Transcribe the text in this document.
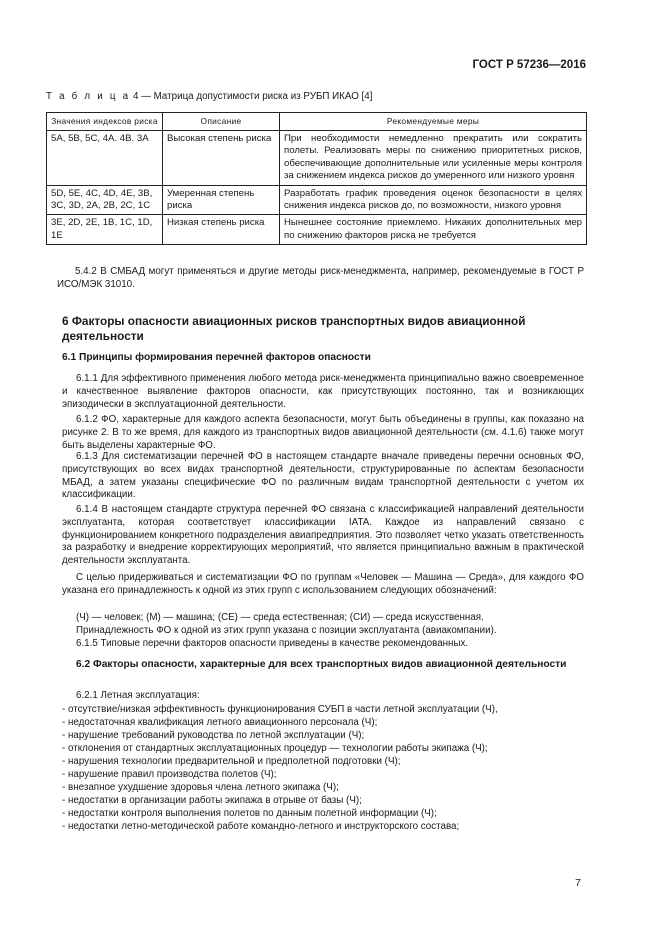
ГОСТ Р 57236—2016
Т а б л и ц а 4 — Матрица допустимости риска из РУБП ИКАО [4]
Значения индексов риска	Описание	Рекомендуемые меры
5А, 5В, 5С, 4А. 4В. 3А	Высокая степень риска	При необходимости немедленно прекратить или сократить полеты. Реализовать меры по снижению приоритетных рисков, обеспечивающие дополнительные или усиленные меры контроля за снижением индекса рисков до умеренного или низкого уровня
5D, 5Е, 4С, 4D, 4Е, 3В, 3С, 3D, 2А, 2В, 2С, 1С	Умеренная степень риска	Разработать график проведения оценок безопасности в целях снижения индекса рисков до, по возможности, низкого уровня
3Е, 2D, 2Е, 1В, 1С, 1D, 1Е	Низкая степень риска	Нынешнее состояние приемлемо. Никаких дополнительных мер по снижению факторов риска не требуется
5.4.2 В СМБАД могут применяться и другие методы риск-менеджмента, например, рекомендуемые в ГОСТ Р ИСО/МЭК 31010.
6 Факторы опасности авиационных рисков транспортных видов авиационной деятельности
6.1 Принципы формирования перечней факторов опасности
6.1.1 Для эффективного применения любого метода риск-менеджмента принципиально важно своевременное и качественное выявление факторов опасности, как присутствующих постоянно, так и возникающих эпизодически в эксплуатационной деятельности.
6.1.2 ФО, характерные для каждого аспекта безопасности, могут быть объединены в группы, как показано на рисунке 2. В то же время, для каждого из транспортных видов авиационной деятельности (см. 4.1.6) также могут быть выделены характерные ФО.
6.1.3 Для систематизации перечней ФО в настоящем стандарте вначале приведены перечни основных ФО, присутствующих во всех видах транспортной деятельности, структурированные по аспектам безопасности МБАД, а затем указаны специфические ФО по различным видам транспортной деятельности с учетом их классификации.
6.1.4 В настоящем стандарте структура перечней ФО связана с классификацией направлений деятельности эксплуатанта, которая соответствует классификации IATA. Каждое из направлений связано с функционированием конкретного подразделения авиапредприятия. Это позволяет четко указать ответственность за разработку и внедрение корректирующих мероприятий, что является принципиально важным в практической деятельности эксплуатанта.
С целью придерживаться и систематизации ФО по группам «Человек — Машина — Среда», для каждого ФО указана его принадлежность к одной из этих групп с использованием следующих обозначений:
(Ч) — человек; (М) — машина; (СЕ) — среда естественная; (СИ) — среда искусственная.
Принадлежность ФО к одной из этих групп указана с позиции эксплуатанта (авиакомпании).
6.1.5 Типовые перечни факторов опасности приведены в качестве рекомендованных.
6.2 Факторы опасности, характерные для всех транспортных видов авиационной деятельности
6.2.1 Летная эксплуатация:
- отсутствие/низкая эффективность функционирования СУБП в части летной эксплуатации (Ч),
- недостаточная квалификация летного авиационного персонала (Ч);
- нарушение требований руководства по летной эксплуатации (Ч);
- отклонения от стандартных эксплуатационных процедур — технологии работы экипажа (Ч);
- нарушения технологии предварительной и предполетной подготовки (Ч);
- нарушение правил производства полетов (Ч);
- внезапное ухудшение здоровья члена летного экипажа (Ч);
- недостатки в организации работы экипажа в отрыве от базы (Ч);
- недостатки контроля выполнения полетов по данным полетной информации (Ч);
- недостатки летно-методической работе командно-летного и инструкторского состава;
7
